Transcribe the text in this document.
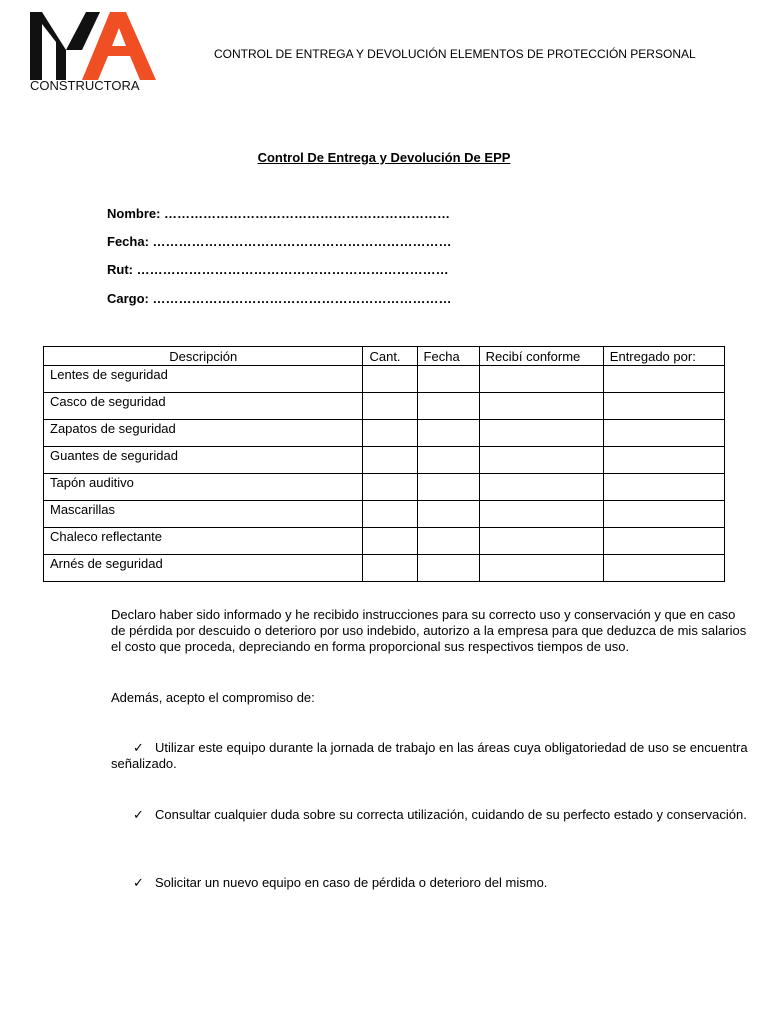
CONSTRUCTORA
CONTROL DE ENTREGA Y DEVOLUCIÓN ELEMENTOS DE PROTECCIÓN PERSONAL
Control De Entrega y Devolución De EPP
Nombre: …………………………………………………………
Fecha: ……………………………………………………………
Rut: ………………………………………………………………
Cargo: ……………………………………………………………
Descripción	Cant.	Fecha	Recibí conforme	Entregado por:
Lentes de seguridad				
Casco de seguridad				
Zapatos de seguridad				
Guantes de seguridad				
Tapón auditivo				
Mascarillas				
Chaleco reflectante				
Arnés de seguridad				
Declaro haber sido informado y he recibido instrucciones para su correcto uso y conservación y que en caso de pérdida por descuido o deterioro por uso indebido, autorizo a la empresa para que deduzca de mis salarios el costo que proceda, depreciando en forma proporcional sus respectivos tiempos de uso.
Además, acepto el compromiso de:
✓ Utilizar este equipo durante la jornada de trabajo en las áreas cuya obligatoriedad de uso se encuentra señalizado.
✓ Consultar cualquier duda sobre su correcta utilización, cuidando de su perfecto estado y conservación.
✓ Solicitar un nuevo equipo en caso de pérdida o deterioro del mismo.
